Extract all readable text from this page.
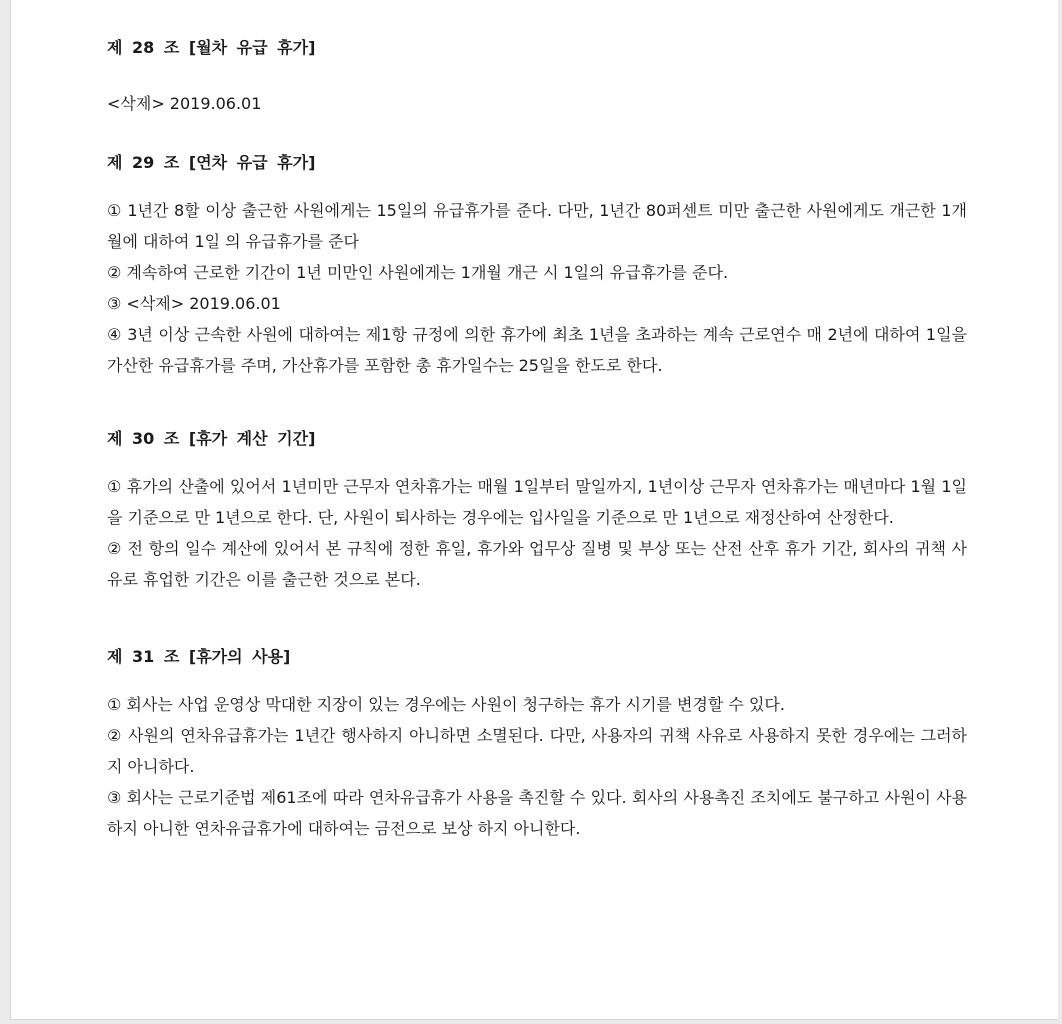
제 28 조 [월차 유급 휴가]

<삭제> 2019.06.01

제 29 조 [연차 유급 휴가]

① 1년간 8할 이상 출근한 사원에게는 15일의 유급휴가를 준다. 다만, 1년간 80퍼센트 미만 출근한 사원에게도 개근한 1개월에 대하여 1일 의 유급휴가를 준다

② 계속하여 근로한 기간이 1년 미만인 사원에게는 1개월 개근 시 1일의 유급휴가를 준다.

③ <삭제> 2019.06.01

④ 3년 이상 근속한 사원에 대하여는 제1항 규정에 의한 휴가에 최초 1년을 초과하는 계속 근로연수 매 2년에 대하여 1일을 가산한 유급휴가를 주며, 가산휴가를 포함한 총 휴가일수는 25일을 한도로 한다.

제 30 조 [휴가 계산 기간]

① 휴가의 산출에 있어서 1년미만 근무자 연차휴가는 매월 1일부터 말일까지, 1년이상 근무자 연차휴가는 매년마다 1월 1일을 기준으로 만 1년으로 한다. 단, 사원이 퇴사하는 경우에는 입사일을 기준으로 만 1년으로 재정산하여 산정한다.

② 전 항의 일수 계산에 있어서 본 규칙에 정한 휴일, 휴가와 업무상 질병 및 부상 또는 산전 산후 휴가 기간, 회사의 귀책 사유로 휴업한 기간은 이를 출근한 것으로 본다.

제 31 조 [휴가의 사용]

① 회사는 사업 운영상 막대한 지장이 있는 경우에는 사원이 청구하는 휴가 시기를 변경할 수 있다.

② 사원의 연차유급휴가는 1년간 행사하지 아니하면 소멸된다. 다만, 사용자의 귀책 사유로 사용하지 못한 경우에는 그러하지 아니하다.

③ 회사는 근로기준법 제61조에 따라 연차유급휴가 사용을 촉진할 수 있다. 회사의 사용촉진 조치에도 불구하고 사원이 사용하지 아니한 연차유급휴가에 대하여는 금전으로 보상 하지 아니한다.
